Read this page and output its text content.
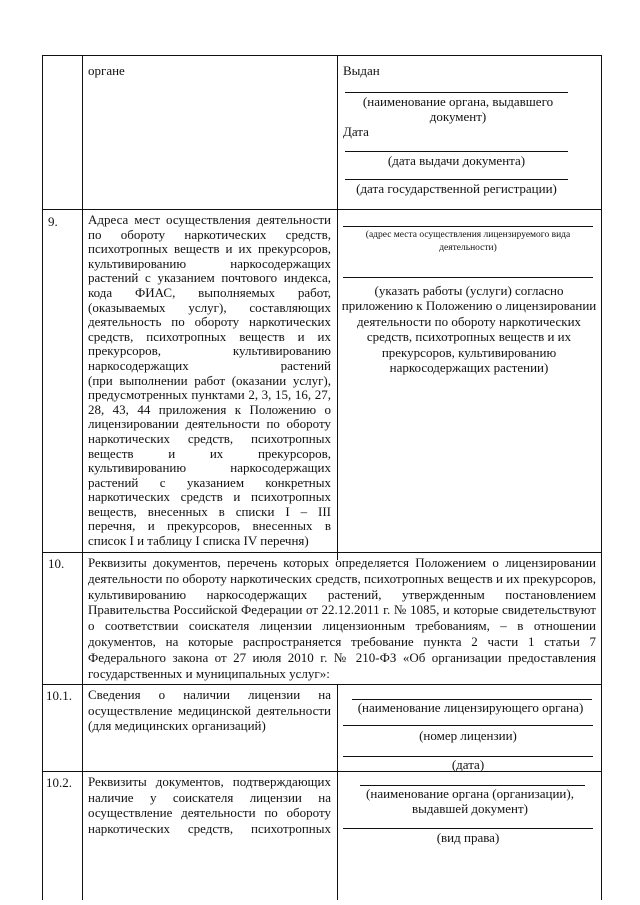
органе	Выдан
(наименование органа, выдавшего документ)
Дата
(дата выдачи документа)
(дата государственной регистрации)
9. Адреса мест осуществления деятельности
по обороту наркотических средств,
психотропных веществ и их прекурсоров,
культивированию наркосодержащих
растений с указанием почтового индекса,
кода ФИАС, выполняемых работ,
(оказываемых услуг), составляющих
деятельность по обороту наркотических
средств, психотропных веществ и их
прекурсоров, культивированию
наркосодержащих растений
(при выполнении работ (оказании услуг),
предусмотренных пунктами 2, 3, 15, 16, 27,
28, 43, 44 приложения к Положению о
лицензировании деятельности по обороту
наркотических средств, психотропных
веществ и их прекурсоров,
культивированию наркосодержащих
растений с указанием конкретных
наркотических средств и психотропных
веществ, внесенных в списки I – III
перечня, и прекурсоров, внесенных в
список I и таблицу I списка IV перечня)
(адрес места осуществления лицензируемого вида деятельности)
(указать работы (услуги) согласно приложению к Положению о лицензировании деятельности по обороту наркотических средств, психотропных веществ и их прекурсоров, культивированию наркосодержащих растении)
10. Реквизиты документов, перечень которых определяется Положением о лицензировании
деятельности по обороту наркотических средств, психотропных веществ и их прекурсоров,
культивированию наркосодержащих растений, утвержденным постановлением
Правительства Российской Федерации от 22.12.2011 г. № 1085, и которые свидетельствуют
о соответствии соискателя лицензии лицензионным требованиям, – в отношении
документов, на которые распространяется требование пункта 2 части 1 статьи 7
Федерального закона от 27 июля 2010 г. № 210-ФЗ «Об организации предоставления
государственных и муниципальных услуг»:
10.1. Сведения о наличии лицензии на
осуществление медицинской деятельности
(для медицинских организаций)
(наименование лицензирующего органа)
(номер лицензии)
(дата)
10.2. Реквизиты документов, подтверждающих
наличие у соискателя лицензии на
осуществление деятельности по обороту
наркотических средств, психотропных
(наименование органа (организации), выдавшей документ)
(вид права)
